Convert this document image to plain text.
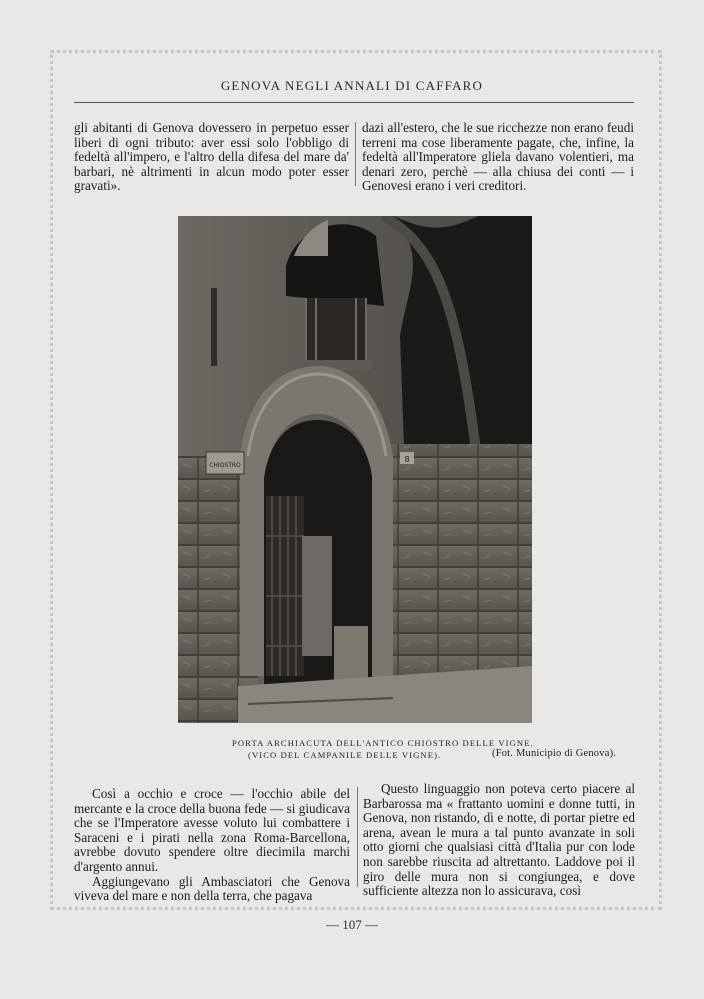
GENOVA NEGLI ANNALI DI CAFFARO

gli abitanti di Genova dovessero in perpetuo esser liberi di ogni tributo: aver essi solo l'obbligo di fedeltà all'impero, e l'altro della difesa del mare da' barbari, nè altrimenti in alcun modo poter esser gravati».

dazi all'estero, che le sue ricchezze non erano feudi terreni ma cose liberamente pagate, che, infine, la fedeltà all'Imperatore gliela davano volentieri, ma denari zero, perchè — alla chiusa dei conti — i Genovesi erano i veri creditori.

CHIOSTRO
8
PORTA ARCHIACUTA DELL'ANTICO CHIOSTRO DELLE VIGNE.
(VICO DEL CAMPANILE DELLE VIGNE).	(Fot. Municipio di Genova).

Così a occhio e croce — l'occhio abile del mercante e la croce della buona fede — si giudicava che se l'Imperatore avesse voluto lui combattere i Saraceni e i pirati nella zona Roma-Barcellona, avrebbe dovuto spendere oltre diecimila marchi d'argento annui.

Aggiungevano gli Ambasciatori che Genova viveva del mare e non della terra, che pagava

Questo linguaggio non poteva certo piacere al Barbarossa ma « frattanto uomini e donne tutti, in Genova, non ristando, dì e notte, di portar pietre ed arena, avean le mura a tal punto avanzate in soli otto giorni che qualsiasi città d'Italia pur con lode non sarebbe riuscita ad altrettanto. Laddove poi il giro delle mura non si congiungea, e dove sufficiente altezza non lo assicurava, così

— 107 —
